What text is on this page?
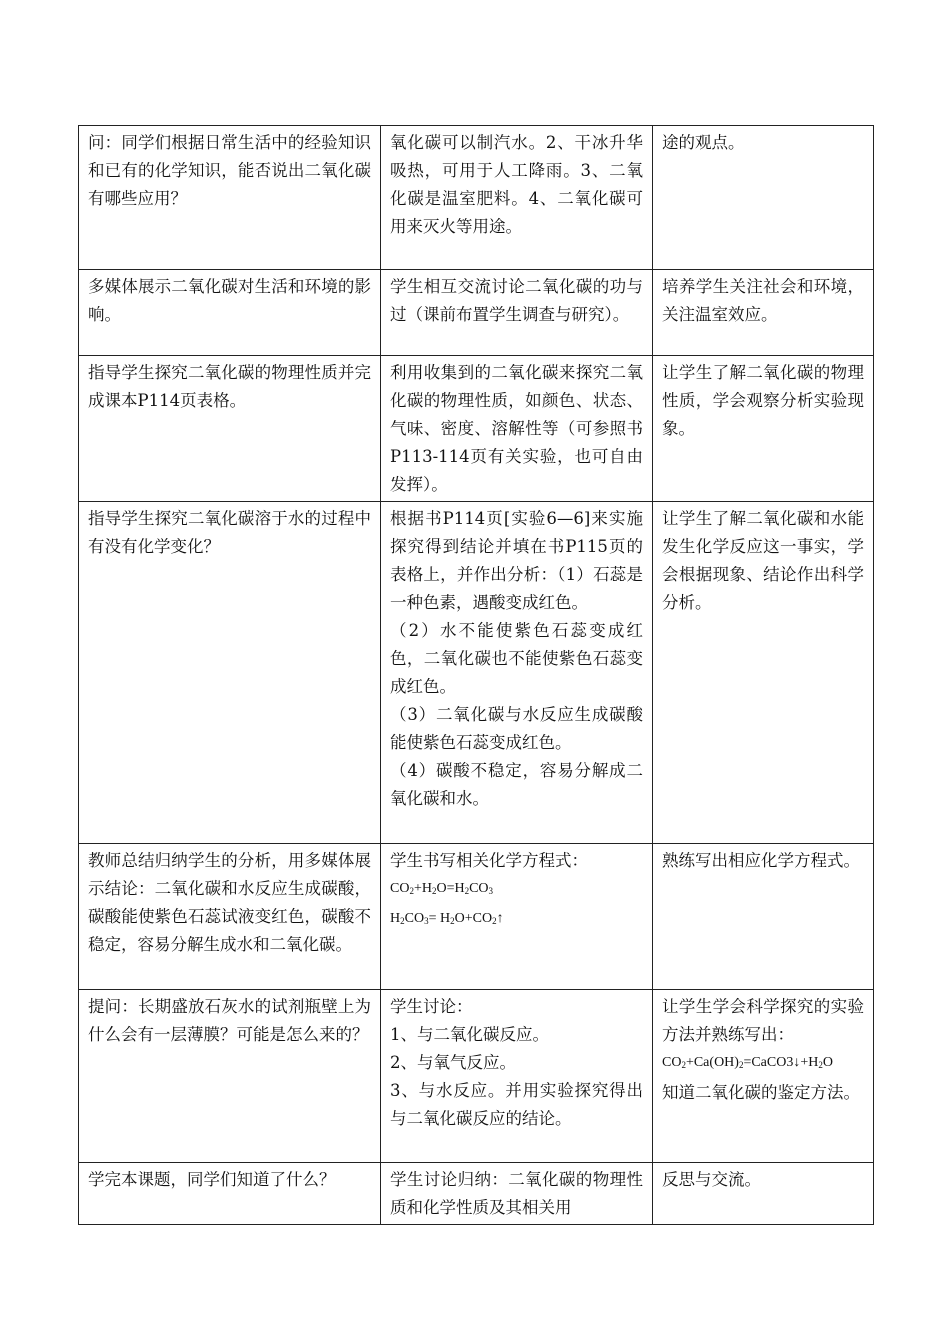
问：同学们根据日常生活中的经验知识和已有的化学知识，能否说出二氧化碳有哪些应用？	氧化碳可以制汽水。2、干冰升华吸热，可用于人工降雨。3、二氧化碳是温室肥料。4、二氧化碳可用来灭火等用途。	途的观点。
多媒体展示二氧化碳对生活和环境的影响。	学生相互交流讨论二氧化碳的功与过（课前布置学生调查与研究）。	培养学生关注社会和环境，关注温室效应。
指导学生探究二氧化碳的物理性质并完成课本P114页表格。	利用收集到的二氧化碳来探究二氧化碳的物理性质，如颜色、状态、气味、密度、溶解性等（可参照书P113-114页有关实验，也可自由发挥）。	让学生了解二氧化碳的物理性质，学会观察分析实验现象。
指导学生探究二氧化碳溶于水的过程中有没有化学变化？	根据书P114页[实验6—6]来实施探究得到结论并填在书P115页的表格上，并作出分析：（1）石蕊是一种色素，遇酸变成红色。
（2）水不能使紫色石蕊变成红色，二氧化碳也不能使紫色石蕊变成红色。
（3）二氧化碳与水反应生成碳酸能使紫色石蕊变成红色。
（4）碳酸不稳定，容易分解成二氧化碳和水。	让学生了解二氧化碳和水能发生化学反应这一事实，学会根据现象、结论作出科学分析。
教师总结归纳学生的分析，用多媒体展示结论：二氧化碳和水反应生成碳酸，碳酸能使紫色石蕊试液变红色，碳酸不稳定，容易分解生成水和二氧化碳。	学生书写相关化学方程式：
$CO_2+H_2O=H_2CO_3$
$H_2CO_3=$ $H_2O+CO_2↑$	熟练写出相应化学方程式。
提问：长期盛放石灰水的试剂瓶壁上为什么会有一层薄膜？可能是怎么来的？	学生讨论：
1、与二氧化碳反应。
2、与氧气反应。
3、与水反应。并用实验探究得出与二氧化碳反应的结论。	让学生学会科学探究的实验方法并熟练写出：
$CO_2+Ca(OH)_2=CaCO3↓+H_2O$
知道二氧化碳的鉴定方法。

学完本课题，同学们知道了什么？	学生讨论归纳：二氧化碳的物理性质和化学性质及其相关用	反思与交流。
